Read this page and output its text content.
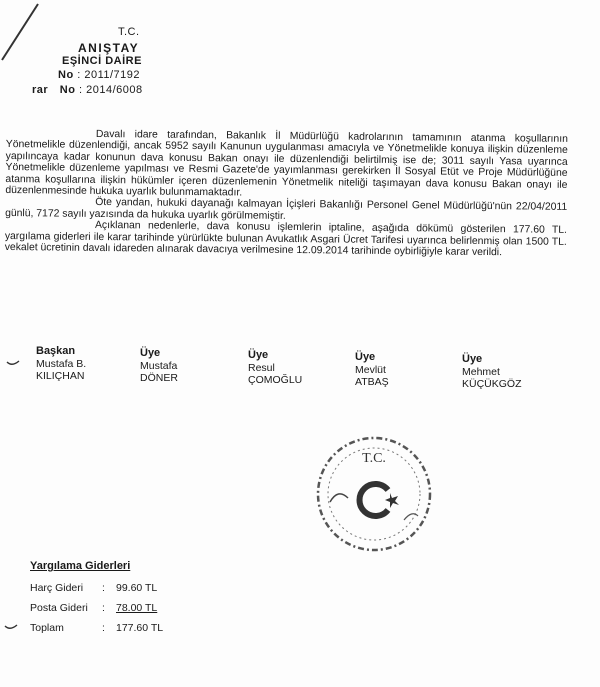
T.C.
ANIŞTAY
EŞİNCİ DAİRE
No : 2011/7192
rar No : 2014/6008

Davalı idare tarafından, Bakanlık İl Müdürlüğü kadrolarının tamamının atanma koşullarının Yönetmelikle düzenlendiği, ancak 5952 sayılı Kanunun uygulanması amacıyla ve Yönetmelikle konuya ilişkin düzenleme yapılıncaya kadar konunun dava konusu Bakan onayı ile düzenlendiği belirtilmiş ise de; 3011 sayılı Yasa uyarınca Yönetmelikle düzenleme yapılması ve Resmi Gazete'de yayımlanması gerekirken İl Sosyal Etüt ve Proje Müdürlüğüne atanma koşullarına ilişkin hükümler içeren düzenlemenin Yönetmelik niteliği taşımayan dava konusu Bakan onayı ile düzenlenmesinde hukuka uyarlık bulunmamaktadır.

Öte yandan, hukuki dayanağı kalmayan İçişleri Bakanlığı Personel Genel Müdürlüğü'nün 22/04/2011 günlü, 7172 sayılı yazısında da hukuka uyarlık görülmemiştir.

Açıklanan nedenlerle, dava konusu işlemlerin iptaline, aşağıda dökümü gösterilen 177.60 TL. yargılama giderleri ile karar tarihinde yürürlükte bulunan Avukatlık Asgari Ücret Tarifesi uyarınca belirlenmiş olan 1500 TL. vekalet ücretinin davalı idareden alınarak davacıya verilmesine 12.09.2014 tarihinde oybirliğiyle karar verildi.

Başkan
Mustafa B.
KILIÇHAN
Üye
Mustafa
DÖNER
Üye
Resul
ÇOMOĞLU
Üye
Mevlüt
ATBAŞ
Üye
Mehmet
KÜÇÜKGÖZ
T.C.
Yargılama Giderleri
Harç Gideri	:	99.60 TL
Posta Gideri	:	78.00 TL
Toplam	:	177.60 TL
